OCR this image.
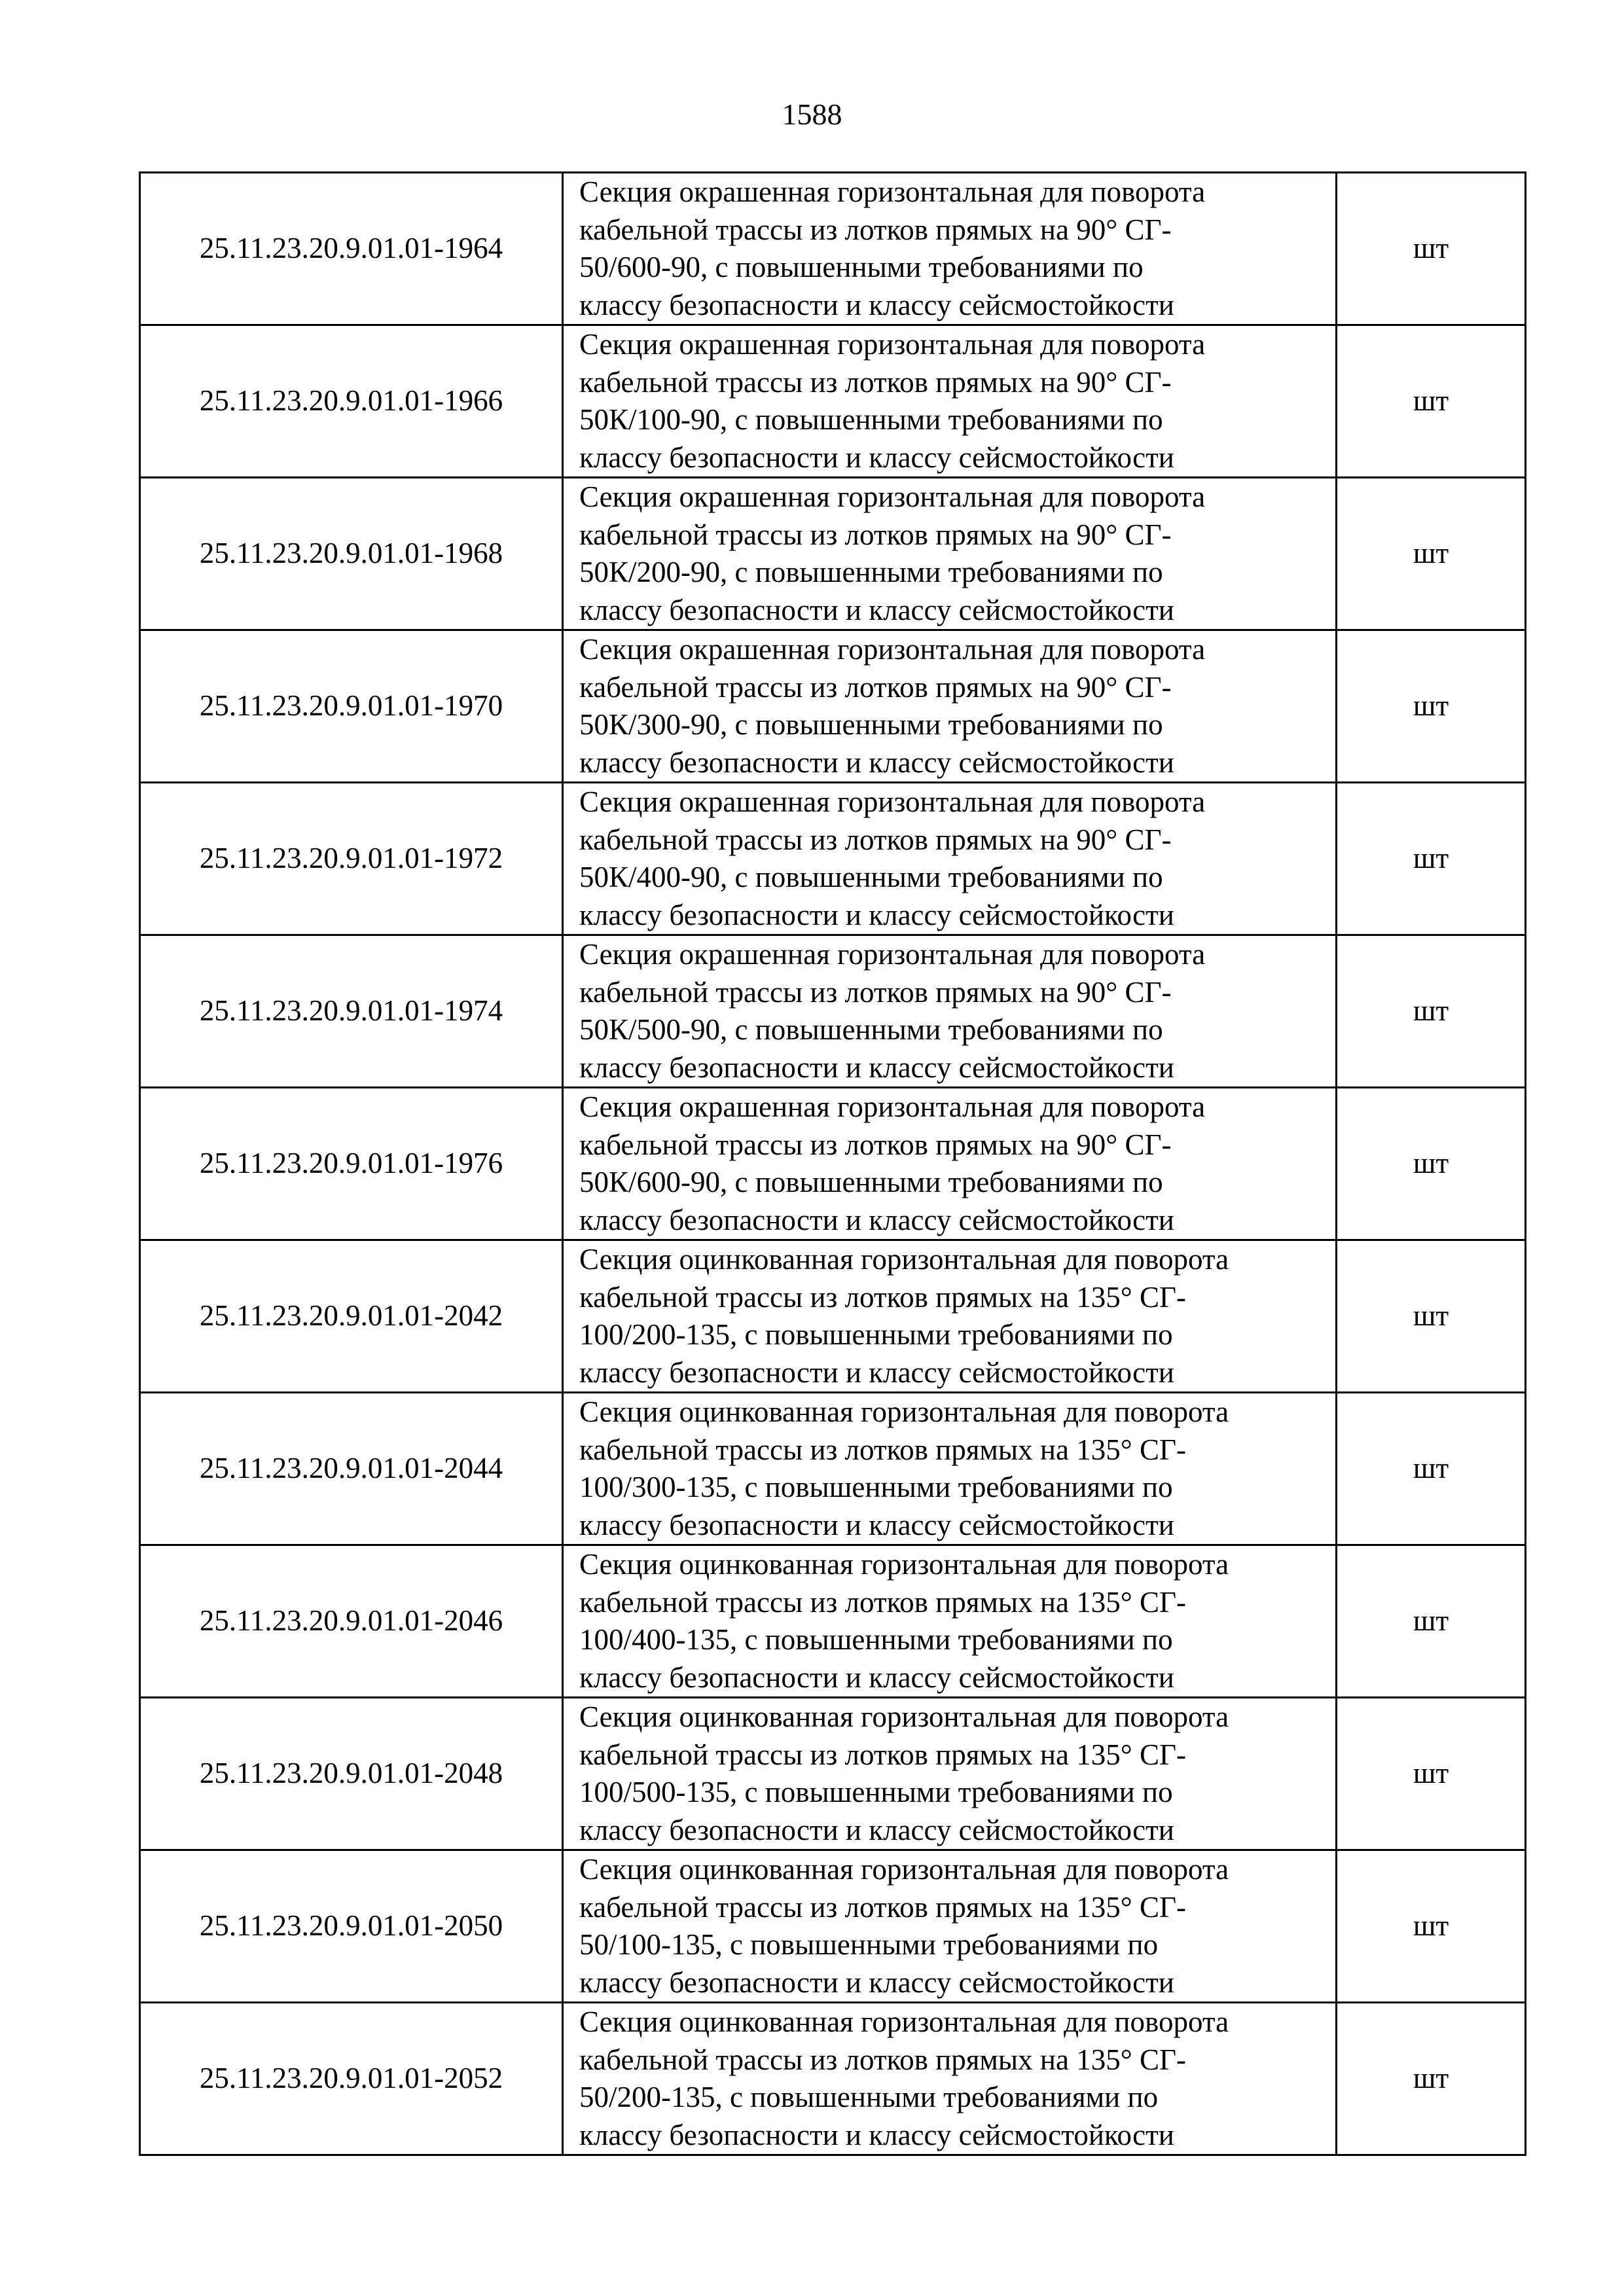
1588
25.11.23.20.9.01.01-1964	Секция окрашенная горизонтальная для поворота
кабельной трассы из лотков прямых на 90° СГ-
50/600-90, с повышенными требованиями по
классу безопасности и классу сейсмостойкости	шт
25.11.23.20.9.01.01-1966	Секция окрашенная горизонтальная для поворота
кабельной трассы из лотков прямых на 90° СГ-
50К/100-90, с повышенными требованиями по
классу безопасности и классу сейсмостойкости	шт
25.11.23.20.9.01.01-1968	Секция окрашенная горизонтальная для поворота
кабельной трассы из лотков прямых на 90° СГ-
50К/200-90, с повышенными требованиями по
классу безопасности и классу сейсмостойкости	шт
25.11.23.20.9.01.01-1970	Секция окрашенная горизонтальная для поворота
кабельной трассы из лотков прямых на 90° СГ-
50К/300-90, с повышенными требованиями по
классу безопасности и классу сейсмостойкости	шт
25.11.23.20.9.01.01-1972	Секция окрашенная горизонтальная для поворота
кабельной трассы из лотков прямых на 90° СГ-
50К/400-90, с повышенными требованиями по
классу безопасности и классу сейсмостойкости	шт
25.11.23.20.9.01.01-1974	Секция окрашенная горизонтальная для поворота
кабельной трассы из лотков прямых на 90° СГ-
50К/500-90, с повышенными требованиями по
классу безопасности и классу сейсмостойкости	шт
25.11.23.20.9.01.01-1976	Секция окрашенная горизонтальная для поворота
кабельной трассы из лотков прямых на 90° СГ-
50К/600-90, с повышенными требованиями по
классу безопасности и классу сейсмостойкости	шт
25.11.23.20.9.01.01-2042	Секция оцинкованная горизонтальная для поворота
кабельной трассы из лотков прямых на 135° СГ-
100/200-135, с повышенными требованиями по
классу безопасности и классу сейсмостойкости	шт
25.11.23.20.9.01.01-2044	Секция оцинкованная горизонтальная для поворота
кабельной трассы из лотков прямых на 135° СГ-
100/300-135, с повышенными требованиями по
классу безопасности и классу сейсмостойкости	шт
25.11.23.20.9.01.01-2046	Секция оцинкованная горизонтальная для поворота
кабельной трассы из лотков прямых на 135° СГ-
100/400-135, с повышенными требованиями по
классу безопасности и классу сейсмостойкости	шт
25.11.23.20.9.01.01-2048	Секция оцинкованная горизонтальная для поворота
кабельной трассы из лотков прямых на 135° СГ-
100/500-135, с повышенными требованиями по
классу безопасности и классу сейсмостойкости	шт
25.11.23.20.9.01.01-2050	Секция оцинкованная горизонтальная для поворота
кабельной трассы из лотков прямых на 135° СГ-
50/100-135, с повышенными требованиями по
классу безопасности и классу сейсмостойкости	шт
25.11.23.20.9.01.01-2052	Секция оцинкованная горизонтальная для поворота
кабельной трассы из лотков прямых на 135° СГ-
50/200-135, с повышенными требованиями по
классу безопасности и классу сейсмостойкости	шт
